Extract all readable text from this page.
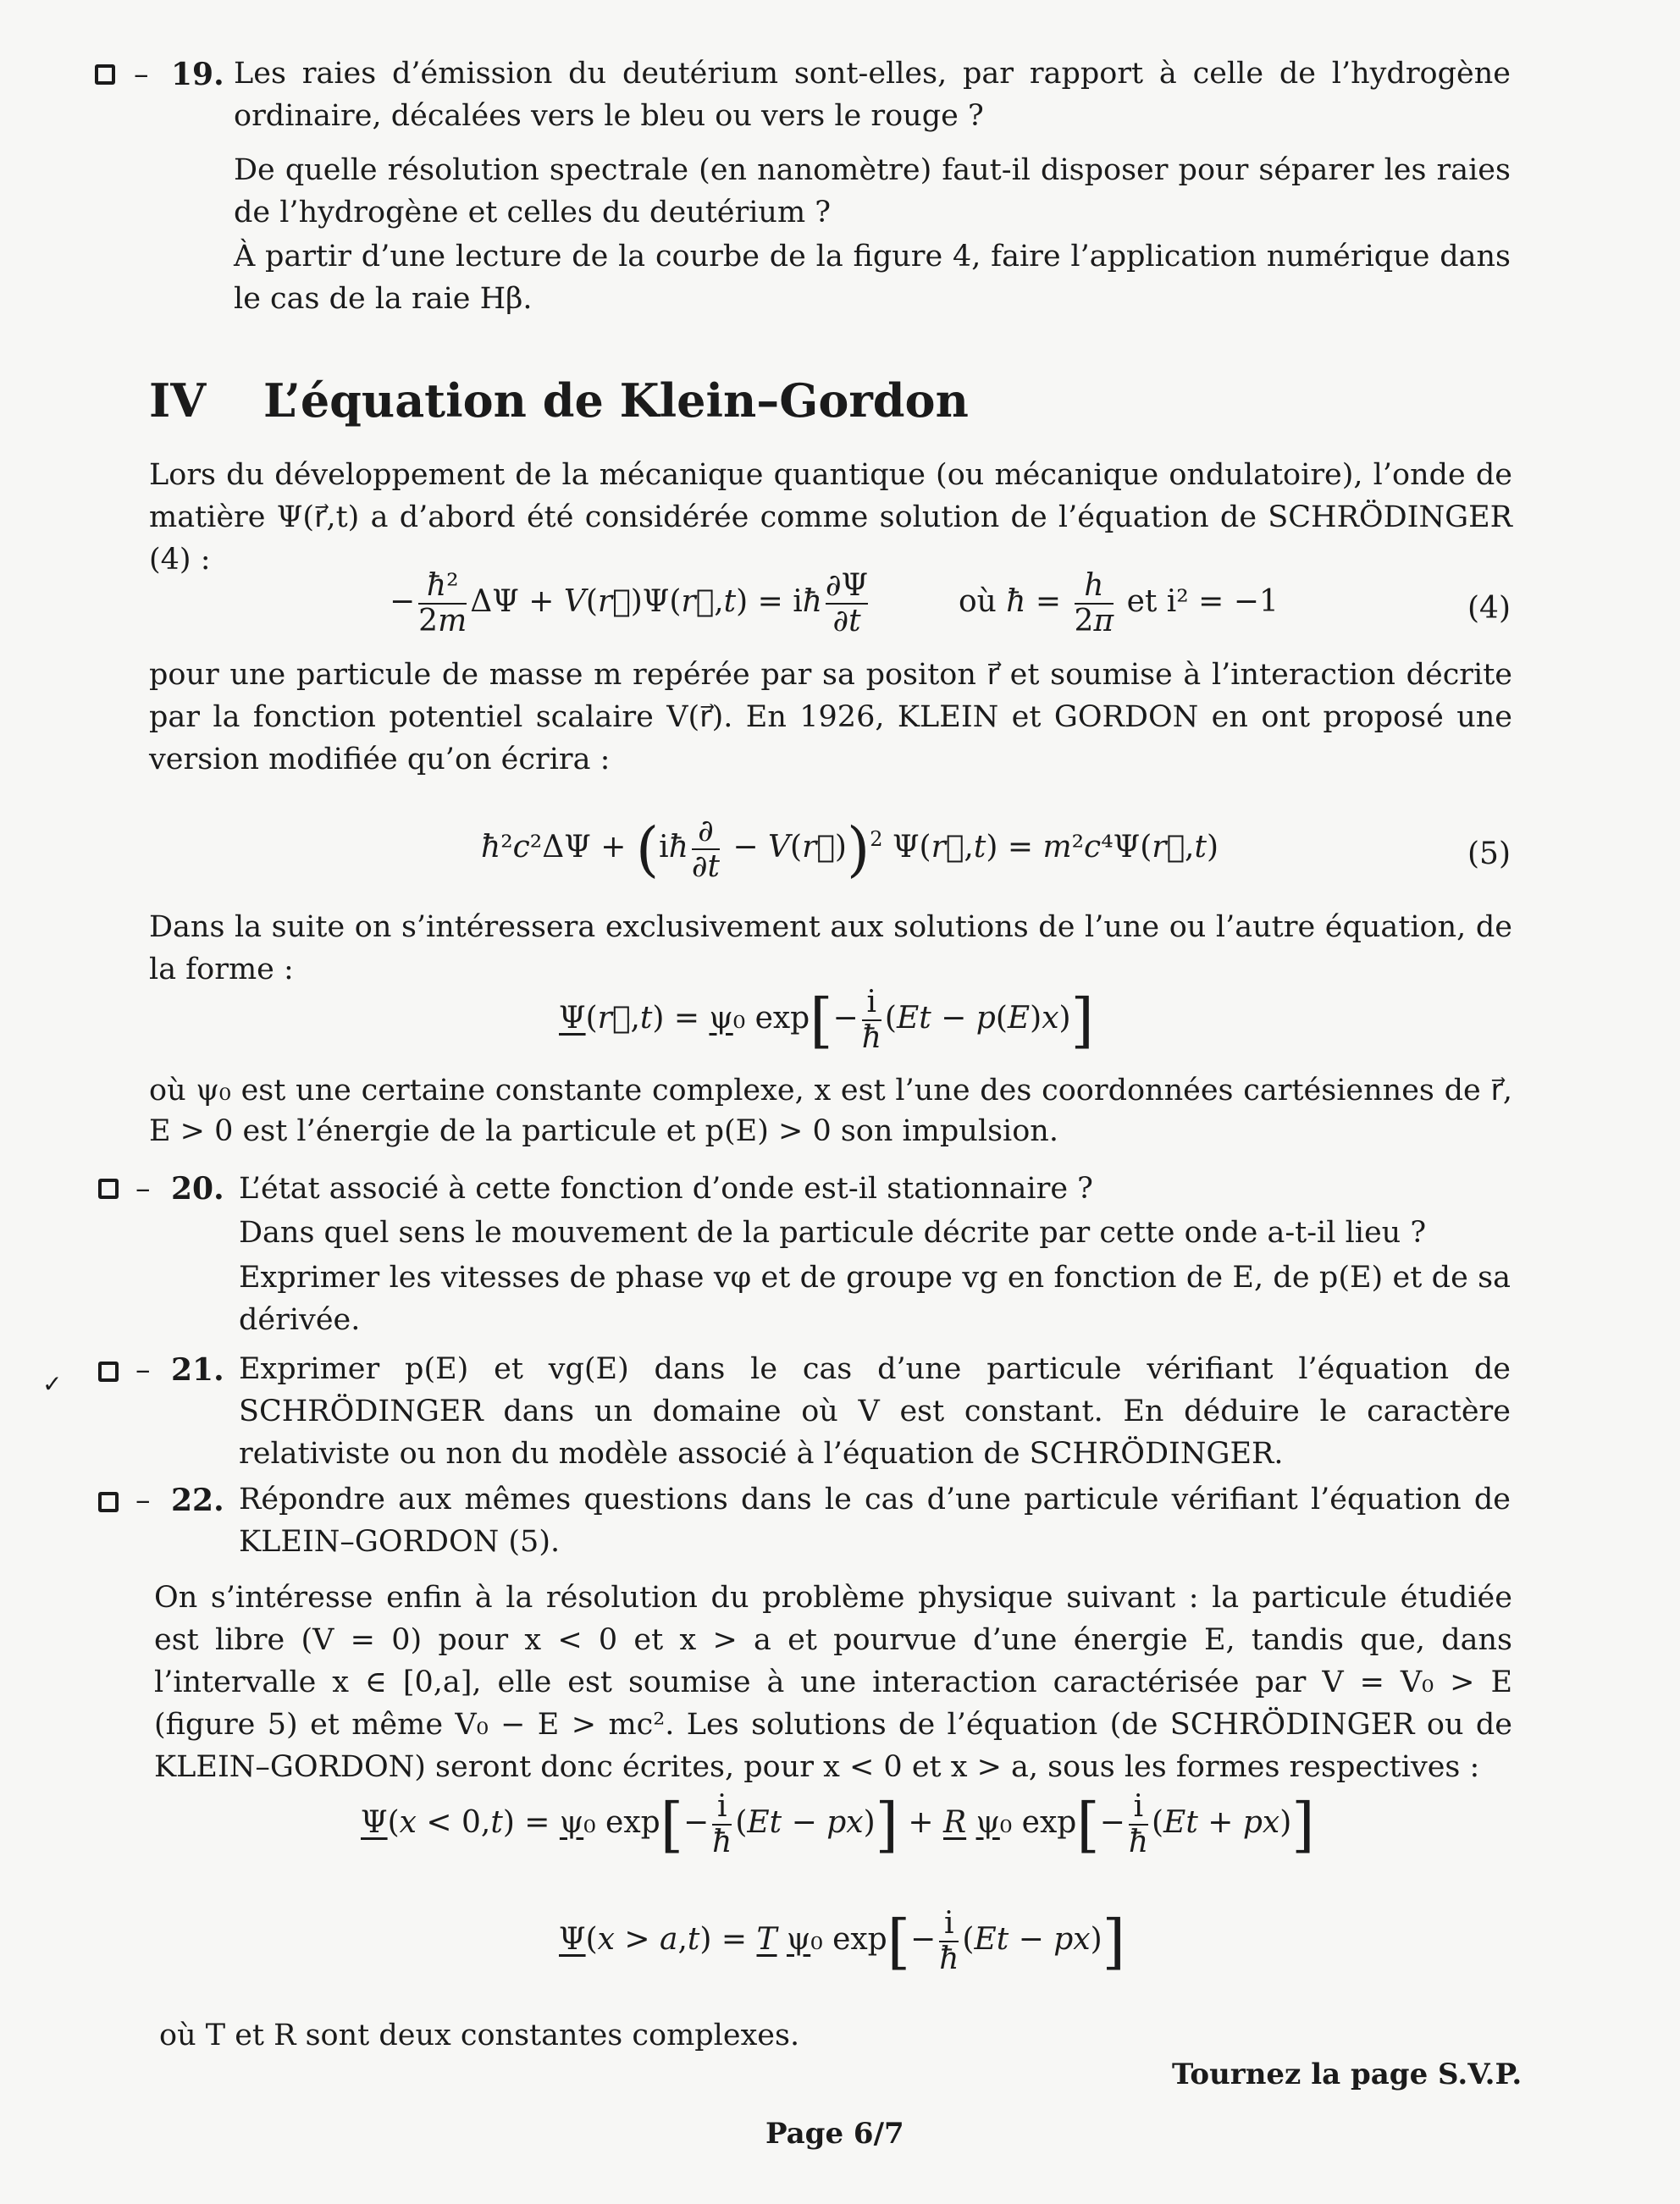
– 19. Les raies d’émission du deutérium sont-elles, par rapport à celle de l’hydrogène ordinaire, décalées vers le bleu ou vers le rouge ?
De quelle résolution spectrale (en nanomètre) faut-il disposer pour séparer les raies de l’hydrogène et celles du deutérium ?
À partir d’une lecture de la courbe de la figure 4, faire l’application numérique dans le cas de la raie Hβ.
IV L’équation de Klein–Gordon
Lors du développement de la mécanique quantique (ou mécanique ondulatoire), l’onde de matière Ψ(r⃗,t) a d’abord été considérée comme solution de l’équation de SCHRÖDINGER (4) :
− $\frac{\text{ħ²}}{2m}$ ΔΨ + V(r⃗)Ψ(r⃗,t) = iħ $\frac{\partial\Psi}{\partial t}$	où ħ = $\frac{h}{2\pi}$ et i² = −1	(4)
pour une particule de masse m repérée par sa positon r⃗ et soumise à l’interaction décrite par la fonction potentiel scalaire V(r⃗). En 1926, KLEIN et GORDON en ont proposé une version modifiée qu’on écrira :
ħ²c²ΔΨ + (iħ $\frac{\partial}{\partial t}$ − V(r⃗))$^2$ Ψ(r⃗,t) = m²c⁴Ψ(r⃗,t)	(5)
Dans la suite on s’intéressera exclusivement aux solutions de l’une ou l’autre équation, de la forme :
Ψ(r⃗,t) = ψ₀ $\exp[- \frac{i}{ħ} (Et - p(E)x)]$
où ψ₀ est une certaine constante complexe, x est l’une des coordonnées cartésiennes de r⃗, E > 0 est l’énergie de la particule et p(E) > 0 son impulsion.
– 20. L’état associé à cette fonction d’onde est-il stationnaire ?
Dans quel sens le mouvement de la particule décrite par cette onde a-t-il lieu ?
Exprimer les vitesses de phase vφ et de groupe vg en fonction de E, de p(E) et de sa dérivée.
✓ – 21. Exprimer p(E) et vg(E) dans le cas d’une particule vérifiant l’équation de SCHRÖDINGER dans un domaine où V est constant. En déduire le caractère relativiste ou non du modèle associé à l’équation de SCHRÖDINGER.
– 22. Répondre aux mêmes questions dans le cas d’une particule vérifiant l’équation de KLEIN–GORDON (5).
On s’intéresse enfin à la résolution du problème physique suivant : la particule étudiée est libre (V = 0) pour x < 0 et x > a et pourvue d’une énergie E, tandis que, dans l’intervalle x ∈ [0,a], elle est soumise à une interaction caractérisée par V = V₀ > E (figure 5) et même V₀ − E > mc². Les solutions de l’équation (de SCHRÖDINGER ou de KLEIN–GORDON) seront donc écrites, pour x < 0 et x > a, sous les formes respectives :
Ψ(x < 0,t) = ψ₀ $\exp[- \frac{i}{ħ} (Et - px)] + R$ ψ₀ $\exp[- \frac{i}{ħ} (Et + px)]$
Ψ(x > a,t) = T ψ₀ $\exp[- \frac{i}{ħ} (Et - px)]$
où T et R sont deux constantes complexes.
Tournez la page S.V.P.
Page 6/7
